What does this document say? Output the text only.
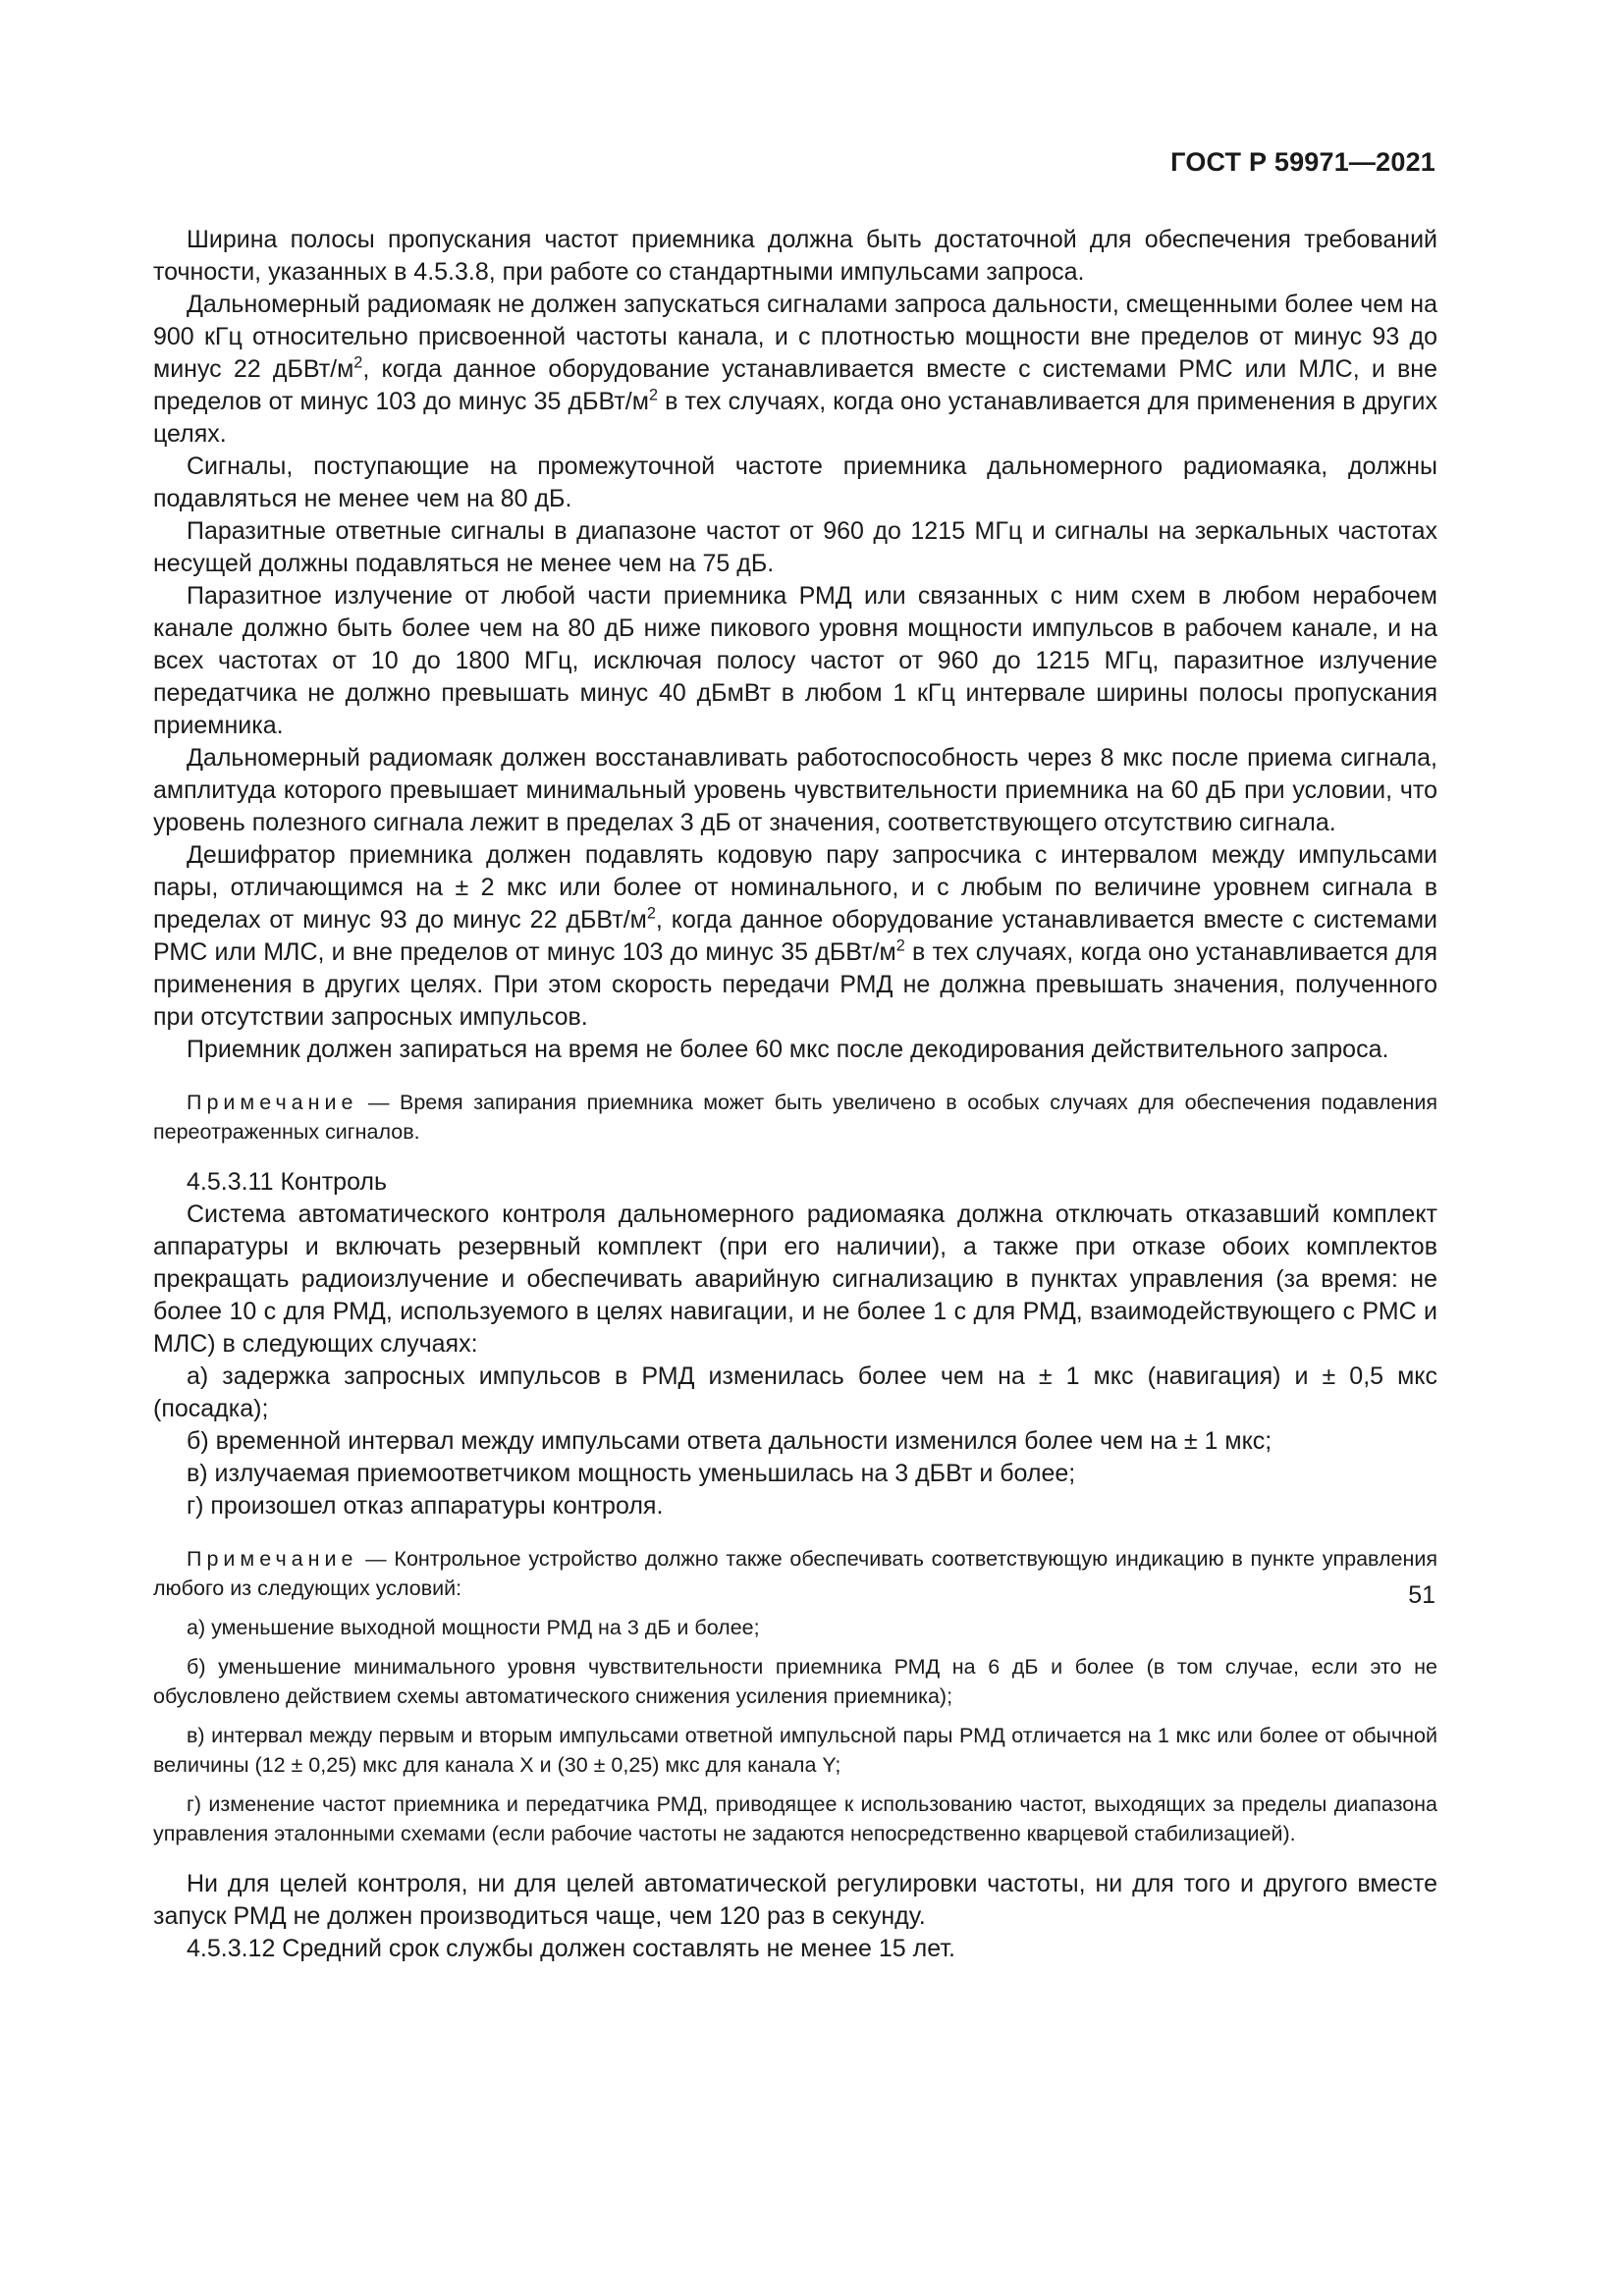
ГОСТ Р 59971—2021

Ширина полосы пропускания частот приемника должна быть достаточной для обеспечения требований точности, указанных в 4.5.3.8, при работе со стандартными импульсами запроса.

Дальномерный радиомаяк не должен запускаться сигналами запроса дальности, смещенными более чем на 900 кГц относительно присвоенной частоты канала, и с плотностью мощности вне пределов от минус 93 до минус 22 дБВт/$м^2$, когда данное оборудование устанавливается вместе с системами РМС или МЛС, и вне пределов от минус 103 до минус 35 дБВт/$м^2$ в тех случаях, когда оно устанавливается для применения в других целях.

Сигналы, поступающие на промежуточной частоте приемника дальномерного радиомаяка, должны подавляться не менее чем на 80 дБ.

Паразитные ответные сигналы в диапазоне частот от 960 до 1215 МГц и сигналы на зеркальных частотах несущей должны подавляться не менее чем на 75 дБ.

Паразитное излучение от любой части приемника РМД или связанных с ним схем в любом нерабочем канале должно быть более чем на 80 дБ ниже пикового уровня мощности импульсов в рабочем канале, и на всех частотах от 10 до 1800 МГц, исключая полосу частот от 960 до 1215 МГц, паразитное излучение передатчика не должно превышать минус 40 дБмВт в любом 1 кГц интервале ширины полосы пропускания приемника.

Дальномерный радиомаяк должен восстанавливать работоспособность через 8 мкс после приема сигнала, амплитуда которого превышает минимальный уровень чувствительности приемника на 60 дБ при условии, что уровень полезного сигнала лежит в пределах 3 дБ от значения, соответствующего отсутствию сигнала.

Дешифратор приемника должен подавлять кодовую пару запросчика с интервалом между импульсами пары, отличающимся на ± 2 мкс или более от номинального, и с любым по величине уровнем сигнала в пределах от минус 93 до минус 22 дБВт/$м^2$, когда данное оборудование устанавливается вместе с системами РМС или МЛС, и вне пределов от минус 103 до минус 35 дБВт/$м^2$ в тех случаях, когда оно устанавливается для применения в других целях. При этом скорость передачи РМД не должна превышать значения, полученного при отсутствии запросных импульсов.

Приемник должен запираться на время не более 60 мкс после декодирования действительного запроса.

Примечание — Время запирания приемника может быть увеличено в особых случаях для обеспечения подавления переотраженных сигналов.

4.5.3.11 Контроль

Система автоматического контроля дальномерного радиомаяка должна отключать отказавший комплект аппаратуры и включать резервный комплект (при его наличии), а также при отказе обоих комплектов прекращать радиоизлучение и обеспечивать аварийную сигнализацию в пунктах управления (за время: не более 10 с для РМД, используемого в целях навигации, и не более 1 с для РМД, взаимодействующего с РМС и МЛС) в следующих случаях:

а) задержка запросных импульсов в РМД изменилась более чем на ± 1 мкс (навигация) и ± 0,5 мкс (посадка);

б) временной интервал между импульсами ответа дальности изменился более чем на ± 1 мкс;

в) излучаемая приемоответчиком мощность уменьшилась на 3 дБВт и более;

г) произошел отказ аппаратуры контроля.

Примечание — Контрольное устройство должно также обеспечивать соответствующую индикацию в пункте управления любого из следующих условий:

а) уменьшение выходной мощности РМД на 3 дБ и более;

б) уменьшение минимального уровня чувствительности приемника РМД на 6 дБ и более (в том случае, если это не обусловлено действием схемы автоматического снижения усиления приемника);

в) интервал между первым и вторым импульсами ответной импульсной пары РМД отличается на 1 мкс или более от обычной величины (12 ± 0,25) мкс для канала X и (30 ± 0,25) мкс для канала Y;

г) изменение частот приемника и передатчика РМД, приводящее к использованию частот, выходящих за пределы диапазона управления эталонными схемами (если рабочие частоты не задаются непосредственно кварцевой стабилизацией).

Ни для целей контроля, ни для целей автоматической регулировки частоты, ни для того и другого вместе запуск РМД не должен производиться чаще, чем 120 раз в секунду.

4.5.3.12 Средний срок службы должен составлять не менее 15 лет.

51
